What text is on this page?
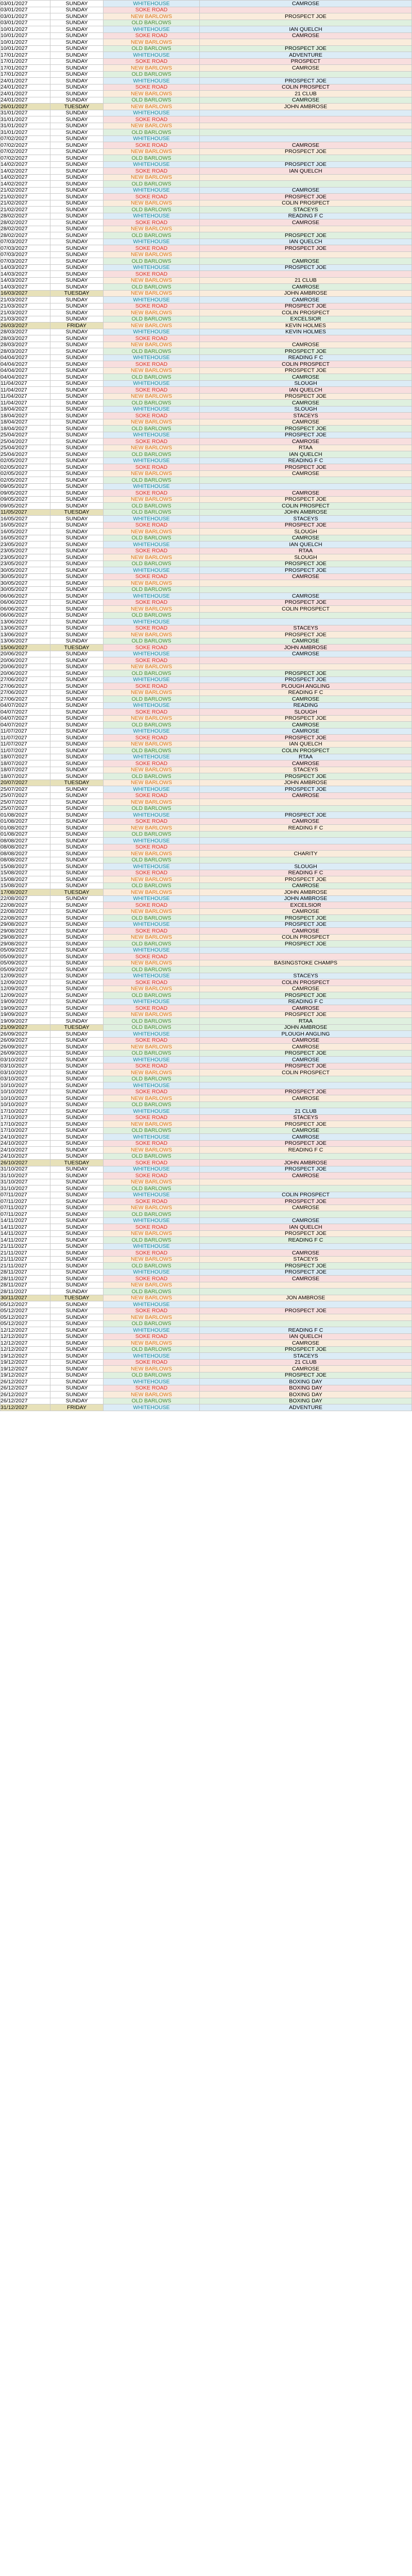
03/01/2027	SUNDAY	WHITEHOUSE	CAMROSE
03/01/2027	SUNDAY	SOKE ROAD	
03/01/2027	SUNDAY	NEW BARLOWS	PROSPECT JOE
03/01/2027	SUNDAY	OLD BARLOWS	
10/01/2027	SUNDAY	WHITEHOUSE	IAN QUELCH
10/01/2027	SUNDAY	SOKE ROAD	CAMROSE
10/01/2027	SUNDAY	NEW BARLOWS	
10/01/2027	SUNDAY	OLD BARLOWS	PROSPECT JOE
17/01/2027	SUNDAY	WHITEHOUSE	ADVENTURE
17/01/2027	SUNDAY	SOKE ROAD	PROSPECT
17/01/2027	SUNDAY	NEW BARLOWS	CAMROSE
17/01/2027	SUNDAY	OLD BARLOWS	
24/01/2027	SUNDAY	WHITEHOUSE	PROSPECT JOE
24/01/2027	SUNDAY	SOKE ROAD	COLIN PROSPECT
24/01/2027	SUNDAY	NEW BARLOWS	21 CLUB
24/01/2027	SUNDAY	OLD BARLOWS	CAMROSE
26/01/2027	TUESDAY	NEW BARLOWS	JOHN AMBROSE
31/01/2027	SUNDAY	WHITEHOUSE	
31/01/2027	SUNDAY	SOKE ROAD	
31/01/2027	SUNDAY	NEW BARLOWS	
31/01/2027	SUNDAY	OLD BARLOWS	
07/02/2027	SUNDAY	WHITEHOUSE	
07/02/2027	SUNDAY	SOKE ROAD	CAMROSE
07/02/2027	SUNDAY	NEW BARLOWS	PROSPECT JOE
07/02/2027	SUNDAY	OLD BARLOWS	
14/02/2027	SUNDAY	WHITEHOUSE	PROSPECT JOE
14/02/2027	SUNDAY	SOKE ROAD	IAN QUELCH
14/02/2027	SUNDAY	NEW BARLOWS	
14/02/2027	SUNDAY	OLD BARLOWS	
21/02/2027	SUNDAY	WHITEHOUSE	CAMROSE
21/02/2027	SUNDAY	SOKE ROAD	PROSPECT JOE
21/02/2027	SUNDAY	NEW BARLOWS	COLIN PROSPECT
21/02/2027	SUNDAY	OLD BARLOWS	STACEYS
28/02/2027	SUNDAY	WHITEHOUSE	READING F C
28/02/2027	SUNDAY	SOKE ROAD	CAMROSE
28/02/2027	SUNDAY	NEW BARLOWS	
28/02/2027	SUNDAY	OLD BARLOWS	PROSPECT JOE
07/03/2027	SUNDAY	WHITEHOUSE	IAN QUELCH
07/03/2027	SUNDAY	SOKE ROAD	PROSPECT JOE
07/03/2027	SUNDAY	NEW BARLOWS	
07/03/2027	SUNDAY	OLD BARLOWS	CAMROSE
14/03/2027	SUNDAY	WHITEHOUSE	PROSPECT JOE
14/03/2027	SUNDAY	SOKE ROAD	
14/03/2027	SUNDAY	NEW BARLOWS	21 CLUB
14/03/2027	SUNDAY	OLD BARLOWS	CAMROSE
16/03/2027	TUESDAY	NEW BARLOWS	JOHN AMBROSE
21/03/2027	SUNDAY	WHITEHOUSE	CAMROSE
21/03/2027	SUNDAY	SOKE ROAD	PROSPECT JOE
21/03/2027	SUNDAY	NEW BARLOWS	COLIN PROSPECT
21/03/2027	SUNDAY	OLD BARLOWS	EXCELSIOR
26/03/2027	FRIDAY	NEW BARLOWS	KEVIN HOLMES
28/03/2027	SUNDAY	WHITEHOUSE	KEVIN HOLMES
28/03/2027	SUNDAY	SOKE ROAD	
28/03/2027	SUNDAY	NEW BARLOWS	CAMROSE
28/03/2027	SUNDAY	OLD BARLOWS	PROSPECT JOE
04/04/2027	SUNDAY	WHITEHOUSE	READING F C
04/04/2027	SUNDAY	SOKE ROAD	COLIN PROSPECT
04/04/2027	SUNDAY	NEW BARLOWS	PROSPECT JOE
04/04/2027	SUNDAY	OLD BARLOWS	CAMROSE
11/04/2027	SUNDAY	WHITEHOUSE	SLOUGH
11/04/2027	SUNDAY	SOKE ROAD	IAN QUELCH
11/04/2027	SUNDAY	NEW BARLOWS	PROSPECT JOE
11/04/2027	SUNDAY	OLD BARLOWS	CAMROSE
18/04/2027	SUNDAY	WHITEHOUSE	SLOUGH
18/04/2027	SUNDAY	SOKE ROAD	STACEYS
18/04/2027	SUNDAY	NEW BARLOWS	CAMROSE
18/04/2027	SUNDAY	OLD BARLOWS	PROSPECT JOE
25/04/2027	SUNDAY	WHITEHOUSE	PROSPECT JOE
25/04/2027	SUNDAY	SOKE ROAD	CAMROSE
25/04/2027	SUNDAY	NEW BARLOWS	RTAA
25/04/2027	SUNDAY	OLD BARLOWS	IAN QUELCH
02/05/2027	SUNDAY	WHITEHOUSE	READING F C
02/05/2027	SUNDAY	SOKE ROAD	PROSPECT JOE
02/05/2027	SUNDAY	NEW BARLOWS	CAMROSE
02/05/2027	SUNDAY	OLD BARLOWS	
09/05/2027	SUNDAY	WHITEHOUSE	
09/05/2027	SUNDAY	SOKE ROAD	CAMROSE
09/05/2027	SUNDAY	NEW BARLOWS	PROSPECT JOE
09/05/2027	SUNDAY	OLD BARLOWS	COLIN PROSPECT
11/05/2027	TUESDAY	OLD BARLOWS	JOHN AMBROSE
16/05/2027	SUNDAY	WHITEHOUSE	STACEYS
16/05/2027	SUNDAY	SOKE ROAD	PROSPECT JOE
16/05/2027	SUNDAY	NEW BARLOWS	SLOUGH
16/05/2027	SUNDAY	OLD BARLOWS	CAMROSE
23/05/2027	SUNDAY	WHITEHOUSE	IAN QUELCH
23/05/2027	SUNDAY	SOKE ROAD	RTAA
23/05/2027	SUNDAY	NEW BARLOWS	SLOUGH
23/05/2027	SUNDAY	OLD BARLOWS	PROSPECT JOE
30/05/2027	SUNDAY	WHITEHOUSE	PROSPECT JOE
30/05/2027	SUNDAY	SOKE ROAD	CAMROSE
30/05/2027	SUNDAY	NEW BARLOWS	
30/05/2027	SUNDAY	OLD BARLOWS	
06/06/2027	SUNDAY	WHITEHOUSE	CAMROSE
06/06/2027	SUNDAY	SOKE ROAD	PROSPECT JOE
06/06/2027	SUNDAY	NEW BARLOWS	COLIN PROSPECT
06/06/2027	SUNDAY	OLD BARLOWS	
13/06/2027	SUNDAY	WHITEHOUSE	
13/06/2027	SUNDAY	SOKE ROAD	STACEYS
13/06/2027	SUNDAY	NEW BARLOWS	PROSPECT JOE
13/06/2027	SUNDAY	OLD BARLOWS	CAMROSE
15/06/2027	TUESDAY	SOKE ROAD	JOHN AMBROSE
20/06/2027	SUNDAY	WHITEHOUSE	CAMROSE
20/06/2027	SUNDAY	SOKE ROAD	
20/06/2027	SUNDAY	NEW BARLOWS	
20/06/2027	SUNDAY	OLD BARLOWS	PROSPECT JOE
27/06/2027	SUNDAY	WHITEHOUSE	PROSPECT JOE
27/06/2027	SUNDAY	SOKE ROAD	PLOUGH ANGLING
27/06/2027	SUNDAY	NEW BARLOWS	READING F C
27/06/2027	SUNDAY	OLD BARLOWS	CAMROSE
04/07/2027	SUNDAY	WHITEHOUSE	READING
04/07/2027	SUNDAY	SOKE ROAD	SLOUGH
04/07/2027	SUNDAY	NEW BARLOWS	PROSPECT JOE
04/07/2027	SUNDAY	OLD BARLOWS	CAMROSE
11/07/2027	SUNDAY	WHITEHOUSE	CAMROSE
11/07/2027	SUNDAY	SOKE ROAD	PROSPECT JOE
11/07/2027	SUNDAY	NEW BARLOWS	IAN QUELCH
11/07/2027	SUNDAY	OLD BARLOWS	COLIN PROSPECT
18/07/2027	SUNDAY	WHITEHOUSE	RTAA
18/07/2027	SUNDAY	SOKE ROAD	CAMROSE
18/07/2027	SUNDAY	NEW BARLOWS	STACEYS
18/07/2027	SUNDAY	OLD BARLOWS	PROSPECT JOE
20/07/2027	TUESDAY	NEW BARLOWS	JOHN AMBROSE
25/07/2027	SUNDAY	WHITEHOUSE	PROSPECT JOE
25/07/2027	SUNDAY	SOKE ROAD	CAMROSE
25/07/2027	SUNDAY	NEW BARLOWS	
25/07/2027	SUNDAY	OLD BARLOWS	
01/08/2027	SUNDAY	WHITEHOUSE	PROSPECT JOE
01/08/2027	SUNDAY	SOKE ROAD	CAMROSE
01/08/2027	SUNDAY	NEW BARLOWS	READING F C
01/08/2027	SUNDAY	OLD BARLOWS	
08/08/2027	SUNDAY	WHITEHOUSE	
08/08/2027	SUNDAY	SOKE ROAD	
08/08/2027	SUNDAY	NEW BARLOWS	CHARITY
08/08/2027	SUNDAY	OLD BARLOWS	
15/08/2027	SUNDAY	WHITEHOUSE	SLOUGH
15/08/2027	SUNDAY	SOKE ROAD	READING F C
15/08/2027	SUNDAY	NEW BARLOWS	PROSPECT JOE
15/08/2027	SUNDAY	OLD BARLOWS	CAMROSE
17/08/2027	TUESDAY	NEW BARLOWS	JOHN AMBROSE
22/08/2027	SUNDAY	WHITEHOUSE	JOHN AMBROSE
22/08/2027	SUNDAY	SOKE ROAD	EXCELSIOR
22/08/2027	SUNDAY	NEW BARLOWS	CAMROSE
22/08/2027	SUNDAY	OLD BARLOWS	PROSPECT JOE
29/08/2027	SUNDAY	WHITEHOUSE	PROSPECT JOE
29/08/2027	SUNDAY	SOKE ROAD	CAMROSE
29/08/2027	SUNDAY	NEW BARLOWS	COLIN PROSPECT
29/08/2027	SUNDAY	OLD BARLOWS	PROSPECT JOE
05/09/2027	SUNDAY	WHITEHOUSE	
05/09/2027	SUNDAY	SOKE ROAD	
05/09/2027	SUNDAY	NEW BARLOWS	BASINGSTOKE CHAMPS
05/09/2027	SUNDAY	OLD BARLOWS	
12/09/2027	SUNDAY	WHITEHOUSE	STACEYS
12/09/2027	SUNDAY	SOKE ROAD	COLIN PROSPECT
12/09/2027	SUNDAY	NEW BARLOWS	CAMROSE
12/09/2027	SUNDAY	OLD BARLOWS	PROSPECT JOE
19/09/2027	SUNDAY	WHITEHOUSE	READING F C
19/09/2027	SUNDAY	SOKE ROAD	CAMROSE
19/09/2027	SUNDAY	NEW BARLOWS	PROSPECT JOE
19/09/2027	SUNDAY	OLD BARLOWS	RTAA
21/09/2027	TUESDAY	OLD BARLOWS	JOHN AMBROSE
26/09/2027	SUNDAY	WHITEHOUSE	PLOUGH ANGLING
26/09/2027	SUNDAY	SOKE ROAD	CAMROSE
26/09/2027	SUNDAY	NEW BARLOWS	CAMROSE
26/09/2027	SUNDAY	OLD BARLOWS	PROSPECT JOE
03/10/2027	SUNDAY	WHITEHOUSE	CAMROSE
03/10/2027	SUNDAY	SOKE ROAD	PROSPECT JOE
03/10/2027	SUNDAY	NEW BARLOWS	COLIN PROSPECT
03/10/2027	SUNDAY	OLD BARLOWS	
10/10/2027	SUNDAY	WHITEHOUSE	
10/10/2027	SUNDAY	SOKE ROAD	PROSPECT JOE
10/10/2027	SUNDAY	NEW BARLOWS	CAMROSE
10/10/2027	SUNDAY	OLD BARLOWS	
17/10/2027	SUNDAY	WHITEHOUSE	21 CLUB
17/10/2027	SUNDAY	SOKE ROAD	STACEYS
17/10/2027	SUNDAY	NEW BARLOWS	PROSPECT JOE
17/10/2027	SUNDAY	OLD BARLOWS	CAMROSE
24/10/2027	SUNDAY	WHITEHOUSE	CAMROSE
24/10/2027	SUNDAY	SOKE ROAD	PROSPECT JOE
24/10/2027	SUNDAY	NEW BARLOWS	READING F C
24/10/2027	SUNDAY	OLD BARLOWS	
26/10/2027	TUESDAY	SOKE ROAD	JOHN AMBROSE
31/10/2027	SUNDAY	WHITEHOUSE	PROSPECT JOE
31/10/2027	SUNDAY	SOKE ROAD	CAMROSE
31/10/2027	SUNDAY	NEW BARLOWS	
31/10/2027	SUNDAY	OLD BARLOWS	
07/11/2027	SUNDAY	WHITEHOUSE	COLIN PROSPECT
07/11/2027	SUNDAY	SOKE ROAD	PROSPECT JOE
07/11/2027	SUNDAY	NEW BARLOWS	CAMROSE
07/11/2027	SUNDAY	OLD BARLOWS	
14/11/2027	SUNDAY	WHITEHOUSE	CAMROSE
14/11/2027	SUNDAY	SOKE ROAD	IAN QUELCH
14/11/2027	SUNDAY	NEW BARLOWS	PROSPECT JOE
14/11/2027	SUNDAY	OLD BARLOWS	READING F C
21/11/2027	SUNDAY	WHITEHOUSE	
21/11/2027	SUNDAY	SOKE ROAD	CAMROSE
21/11/2027	SUNDAY	NEW BARLOWS	STACEYS
21/11/2027	SUNDAY	OLD BARLOWS	PROSPECT JOE
28/11/2027	SUNDAY	WHITEHOUSE	PROSPECT JOE
28/11/2027	SUNDAY	SOKE ROAD	CAMROSE
28/11/2027	SUNDAY	NEW BARLOWS	
28/11/2027	SUNDAY	OLD BARLOWS	
30/11/2027	TUESDAY	NEW BARLOWS	JON AMBROSE
05/12/2027	SUNDAY	WHITEHOUSE	
05/12/2027	SUNDAY	SOKE ROAD	PROSPECT JOE
05/12/2027	SUNDAY	NEW BARLOWS	
05/12/2027	SUNDAY	OLD BARLOWS	
12/12/2027	SUNDAY	WHITEHOUSE	READING F C
12/12/2027	SUNDAY	SOKE ROAD	IAN QUELCH
12/12/2027	SUNDAY	NEW BARLOWS	CAMROSE
12/12/2027	SUNDAY	OLD BARLOWS	PROSPECT JOE
19/12/2027	SUNDAY	WHITEHOUSE	STACEYS
19/12/2027	SUNDAY	SOKE ROAD	21 CLUB
19/12/2027	SUNDAY	NEW BARLOWS	CAMROSE
19/12/2027	SUNDAY	OLD BARLOWS	PROSPECT JOE
26/12/2027	SUNDAY	WHITEHOUSE	BOXING DAY
26/12/2027	SUNDAY	SOKE ROAD	BOXING DAY
26/12/2027	SUNDAY	NEW BARLOWS	BOXING DAY
26/12/2027	SUNDAY	OLD BARLOWS	BOXING DAY
31/12/2027	FRIDAY	WHITEHOUSE	ADVENTURE
